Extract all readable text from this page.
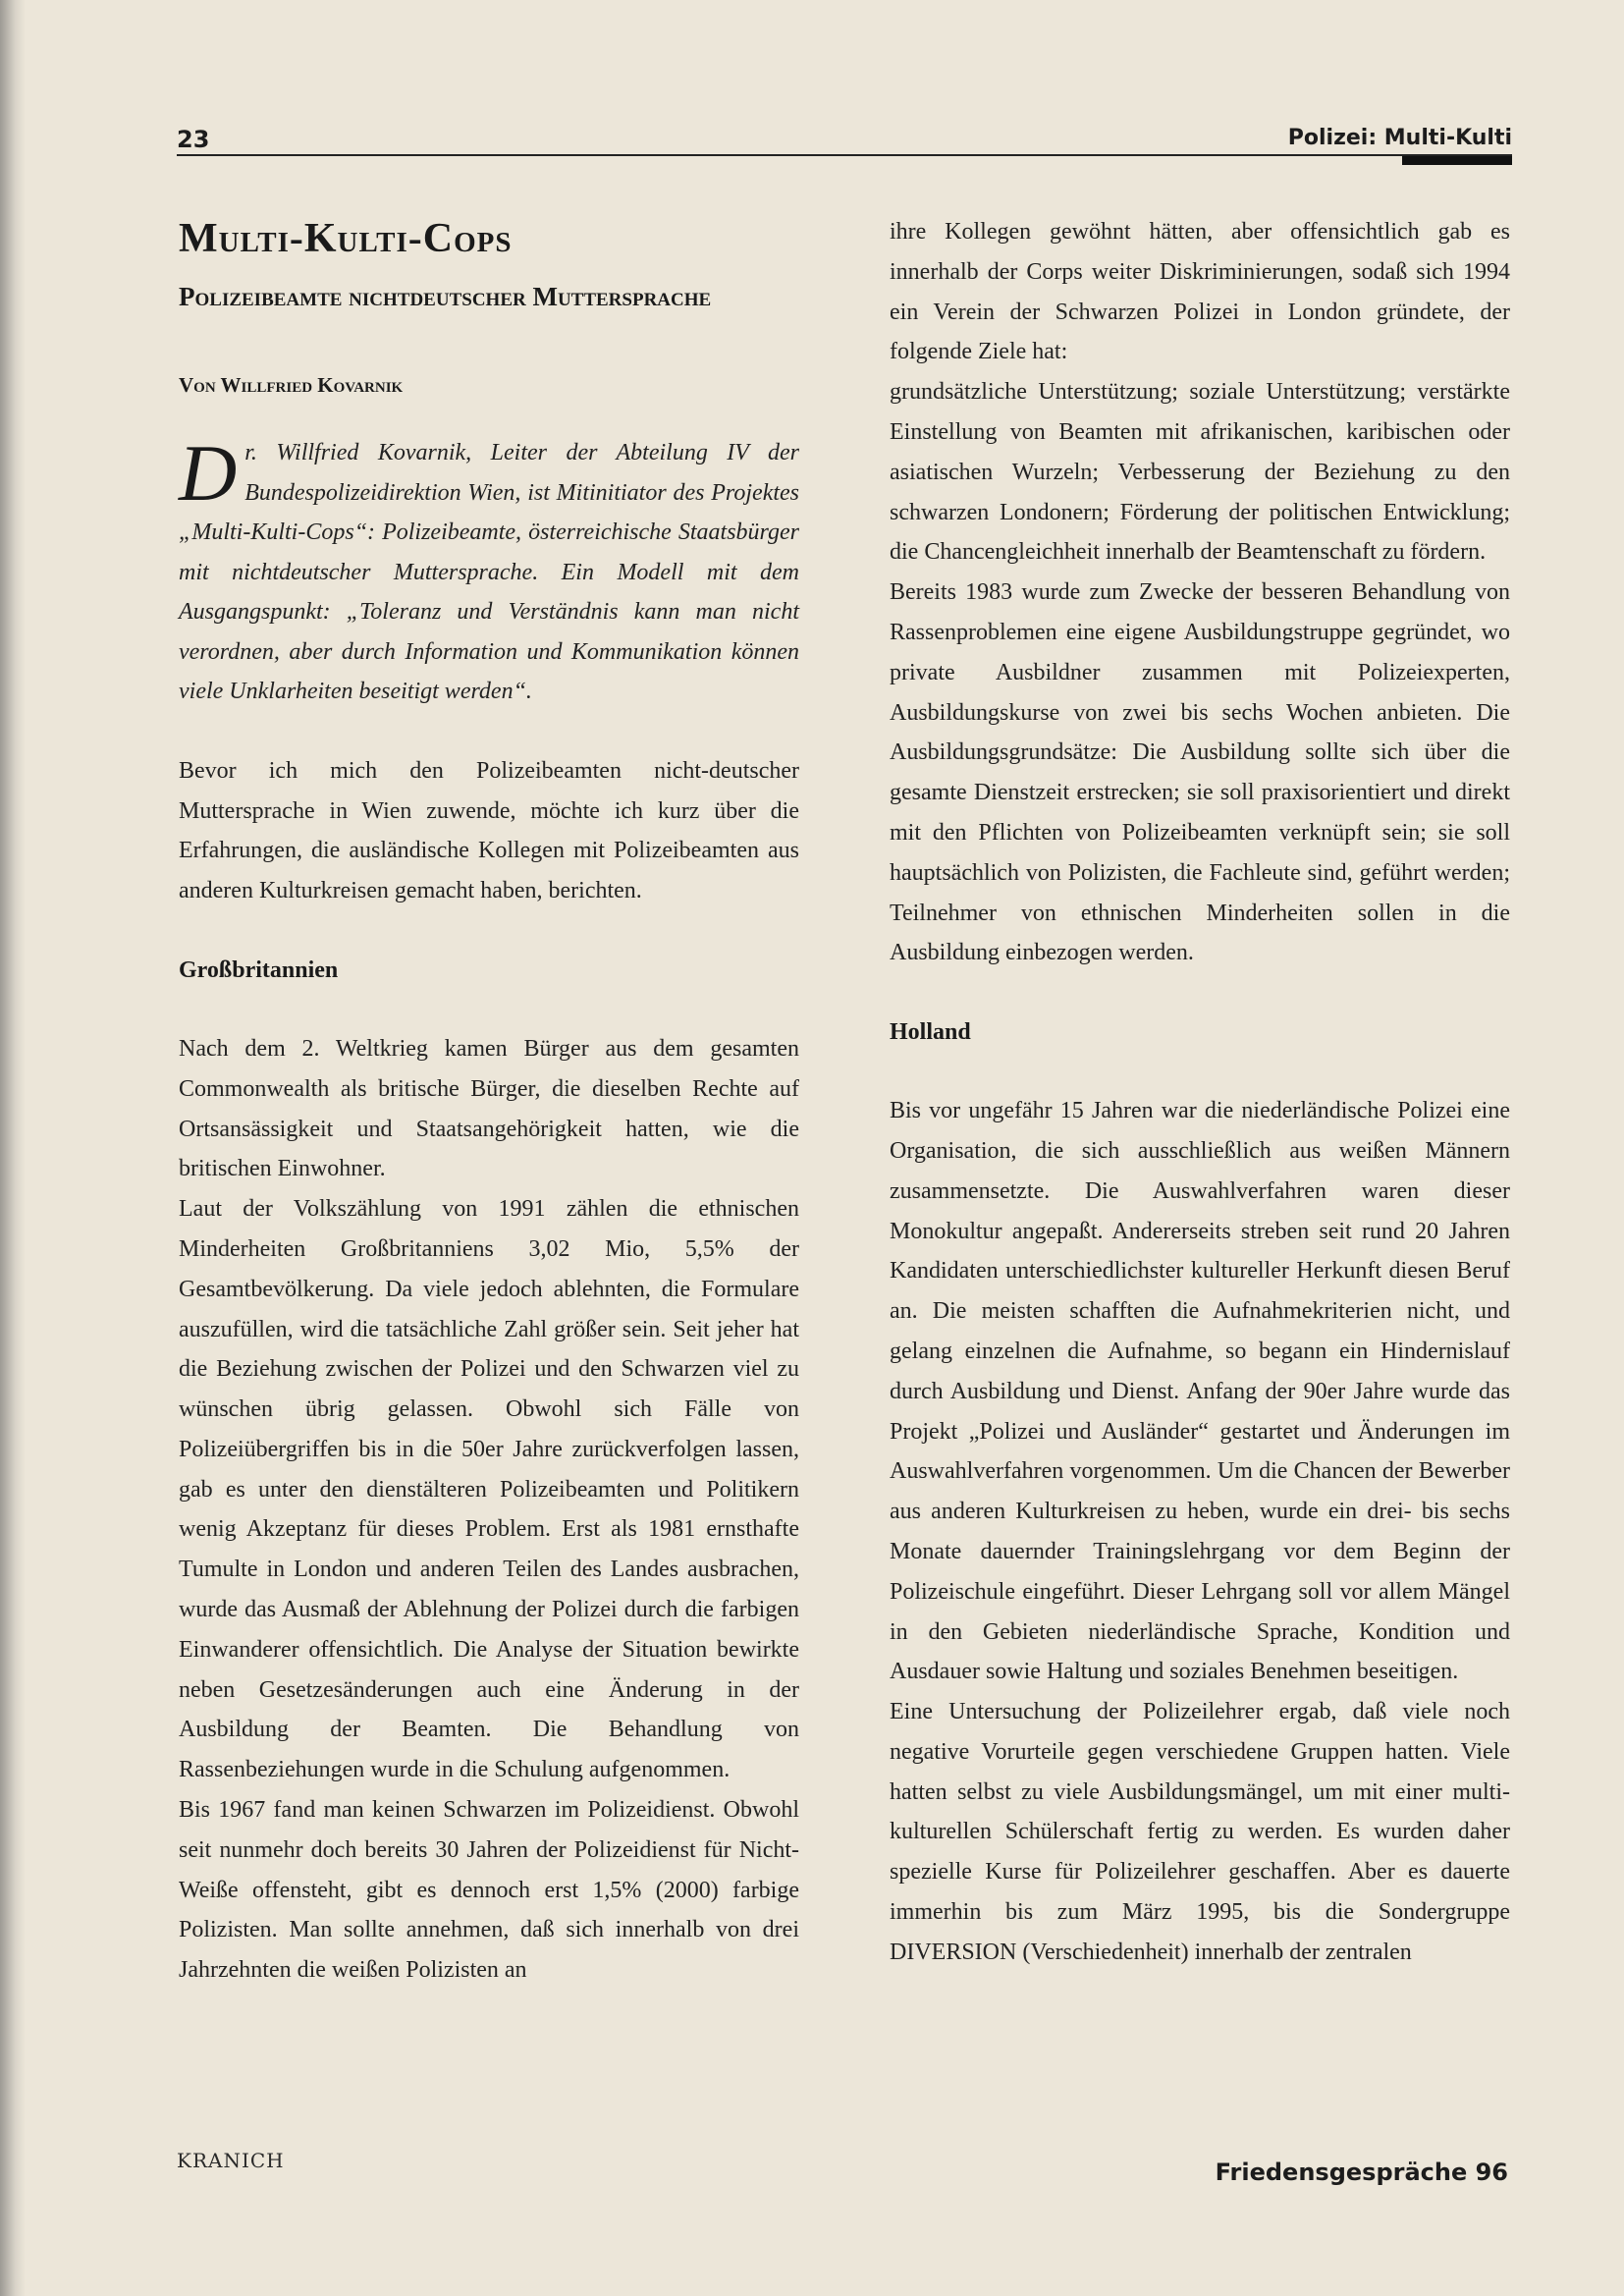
23	Polizei: Multi-Kulti
Multi-Kulti-Cops
Polizeibeamte nichtdeutscher Muttersprache
Von Willfried Kovarnik
Dr. Willfried Kovarnik, Leiter der Abteilung IV der Bundespolizeidirektion Wien, ist Mitinitiator des Projektes „Multi-Kulti-Cops“: Polizeibeamte, österreichische Staatsbürger mit nichtdeutscher Muttersprache. Ein Modell mit dem Ausgangspunkt: „Toleranz und Verständnis kann man nicht verordnen, aber durch Information und Kommunikation können viele Unklarheiten beseitigt werden“.

Bevor ich mich den Polizeibeamten nicht-deutscher Muttersprache in Wien zuwende, möchte ich kurz über die Erfahrungen, die ausländische Kollegen mit Polizeibeamten aus anderen Kulturkreisen gemacht haben, berichten.

Großbritannien

Nach dem 2. Weltkrieg kamen Bürger aus dem gesamten Commonwealth als britische Bürger, die dieselben Rechte auf Ortsansässigkeit und Staatsangehörigkeit hatten, wie die britischen Einwohner.

Laut der Volkszählung von 1991 zählen die ethnischen Minderheiten Großbritanniens 3,02 Mio, 5,5% der Gesamtbevölkerung. Da viele jedoch ablehnten, die Formulare auszufüllen, wird die tatsächliche Zahl größer sein. Seit jeher hat die Beziehung zwischen der Polizei und den Schwarzen viel zu wünschen übrig gelassen. Obwohl sich Fälle von Polizeiübergriffen bis in die 50er Jahre zurückverfolgen lassen, gab es unter den dienstälteren Polizeibeamten und Politikern wenig Akzeptanz für dieses Problem. Erst als 1981 ernsthafte Tumulte in London und anderen Teilen des Landes ausbrachen, wurde das Ausmaß der Ablehnung der Polizei durch die farbigen Einwanderer offensichtlich. Die Analyse der Situation bewirkte neben Gesetzesänderungen auch eine Änderung in der Ausbildung der Beamten. Die Behandlung von Rassenbeziehungen wurde in die Schulung aufgenommen.

Bis 1967 fand man keinen Schwarzen im Polizeidienst. Obwohl seit nunmehr doch bereits 30 Jahren der Polizeidienst für Nicht-Weiße offensteht, gibt es dennoch erst 1,5% (2000) farbige Polizisten. Man sollte annehmen, daß sich innerhalb von drei Jahrzehnten die weißen Polizisten an

ihre Kollegen gewöhnt hätten, aber offensichtlich gab es innerhalb der Corps weiter Diskriminierungen, sodaß sich 1994 ein Verein der Schwarzen Polizei in London gründete, der folgende Ziele hat:

grundsätzliche Unterstützung; soziale Unterstützung; verstärkte Einstellung von Beamten mit afrikanischen, karibischen oder asiatischen Wurzeln; Verbesserung der Beziehung zu den schwarzen Londonern; Förderung der politischen Entwicklung; die Chancengleichheit innerhalb der Beamtenschaft zu fördern.

Bereits 1983 wurde zum Zwecke der besseren Behandlung von Rassenproblemen eine eigene Ausbildungstruppe gegründet, wo private Ausbildner zusammen mit Polizeiexperten, Ausbildungskurse von zwei bis sechs Wochen anbieten. Die Ausbildungsgrundsätze: Die Ausbildung sollte sich über die gesamte Dienstzeit erstrecken; sie soll praxisorientiert und direkt mit den Pflichten von Polizeibeamten verknüpft sein; sie soll hauptsächlich von Polizisten, die Fachleute sind, geführt werden; Teilnehmer von ethnischen Minderheiten sollen in die Ausbildung einbezogen werden.

Holland

Bis vor ungefähr 15 Jahren war die niederländische Polizei eine Organisation, die sich ausschließlich aus weißen Männern zusammensetzte. Die Auswahlverfahren waren dieser Monokultur angepaßt. Andererseits streben seit rund 20 Jahren Kandidaten unterschiedlichster kultureller Herkunft diesen Beruf an. Die meisten schafften die Aufnahmekriterien nicht, und gelang einzelnen die Aufnahme, so begann ein Hindernislauf durch Ausbildung und Dienst. Anfang der 90er Jahre wurde das Projekt „Polizei und Ausländer“ gestartet und Änderungen im Auswahlverfahren vorgenommen. Um die Chancen der Bewerber aus anderen Kulturkreisen zu heben, wurde ein drei- bis sechs Monate dauernder Trainingslehrgang vor dem Beginn der Polizeischule eingeführt. Dieser Lehrgang soll vor allem Mängel in den Gebieten niederländische Sprache, Kondition und Ausdauer sowie Haltung und soziales Benehmen beseitigen.

Eine Untersuchung der Polizeilehrer ergab, daß viele noch negative Vorurteile gegen verschiedene Gruppen hatten. Viele hatten selbst zu viele Ausbildungsmängel, um mit einer multi-kulturellen Schülerschaft fertig zu werden. Es wurden daher spezielle Kurse für Polizeilehrer geschaffen. Aber es dauerte immerhin bis zum März 1995, bis die Sondergruppe DIVERSION (Verschiedenheit) innerhalb der zentralen

KRANICH	Friedensgespräche 96
